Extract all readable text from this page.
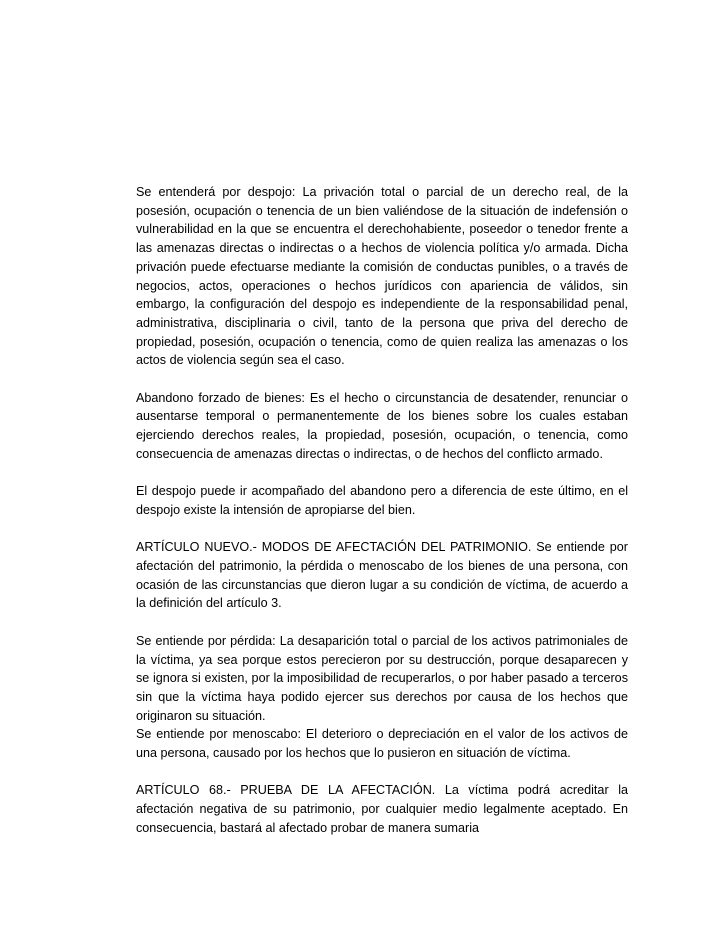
Se entenderá por despojo: La privación total o parcial de un derecho real, de la posesión, ocupación o tenencia de un bien valiéndose de la situación de indefensión o vulnerabilidad en la que se encuentra el derechohabiente, poseedor o tenedor frente a las amenazas directas o indirectas o a hechos de violencia política y/o armada. Dicha privación puede efectuarse mediante la comisión de conductas punibles, o a través de negocios, actos, operaciones o hechos jurídicos con apariencia de válidos, sin embargo, la configuración del despojo es independiente de la responsabilidad penal, administrativa, disciplinaria o civil, tanto de la persona que priva del derecho de propiedad, posesión, ocupación o tenencia, como de quien realiza las amenazas o los actos de violencia según sea el caso.

Abandono forzado de bienes: Es el hecho o circunstancia de desatender, renunciar o ausentarse temporal o permanentemente de los bienes sobre los cuales estaban ejerciendo derechos reales, la propiedad, posesión, ocupación, o tenencia, como consecuencia de amenazas directas o indirectas, o de hechos del conflicto armado.

El despojo puede ir acompañado del abandono pero a diferencia de este último, en el despojo existe la intensión de apropiarse del bien.

ARTÍCULO NUEVO.- MODOS DE AFECTACIÓN DEL PATRIMONIO. Se entiende por afectación del patrimonio, la pérdida o menoscabo de los bienes de una persona, con ocasión de las circunstancias que dieron lugar a su condición de víctima, de acuerdo a la definición del artículo 3.

Se entiende por pérdida: La desaparición total o parcial de los activos patrimoniales de la víctima, ya sea porque estos perecieron por su destrucción, porque desaparecen y se ignora si existen, por la imposibilidad de recuperarlos, o por haber pasado a terceros sin que la víctima haya podido ejercer sus derechos por causa de los hechos que originaron su situación.

Se entiende por menoscabo: El deterioro o depreciación en el valor de los activos de una persona, causado por los hechos que lo pusieron en situación de víctima.

ARTÍCULO 68.- PRUEBA DE LA AFECTACIÓN. La víctima podrá acreditar la afectación negativa de su patrimonio, por cualquier medio legalmente aceptado. En consecuencia, bastará al afectado probar de manera sumaria
